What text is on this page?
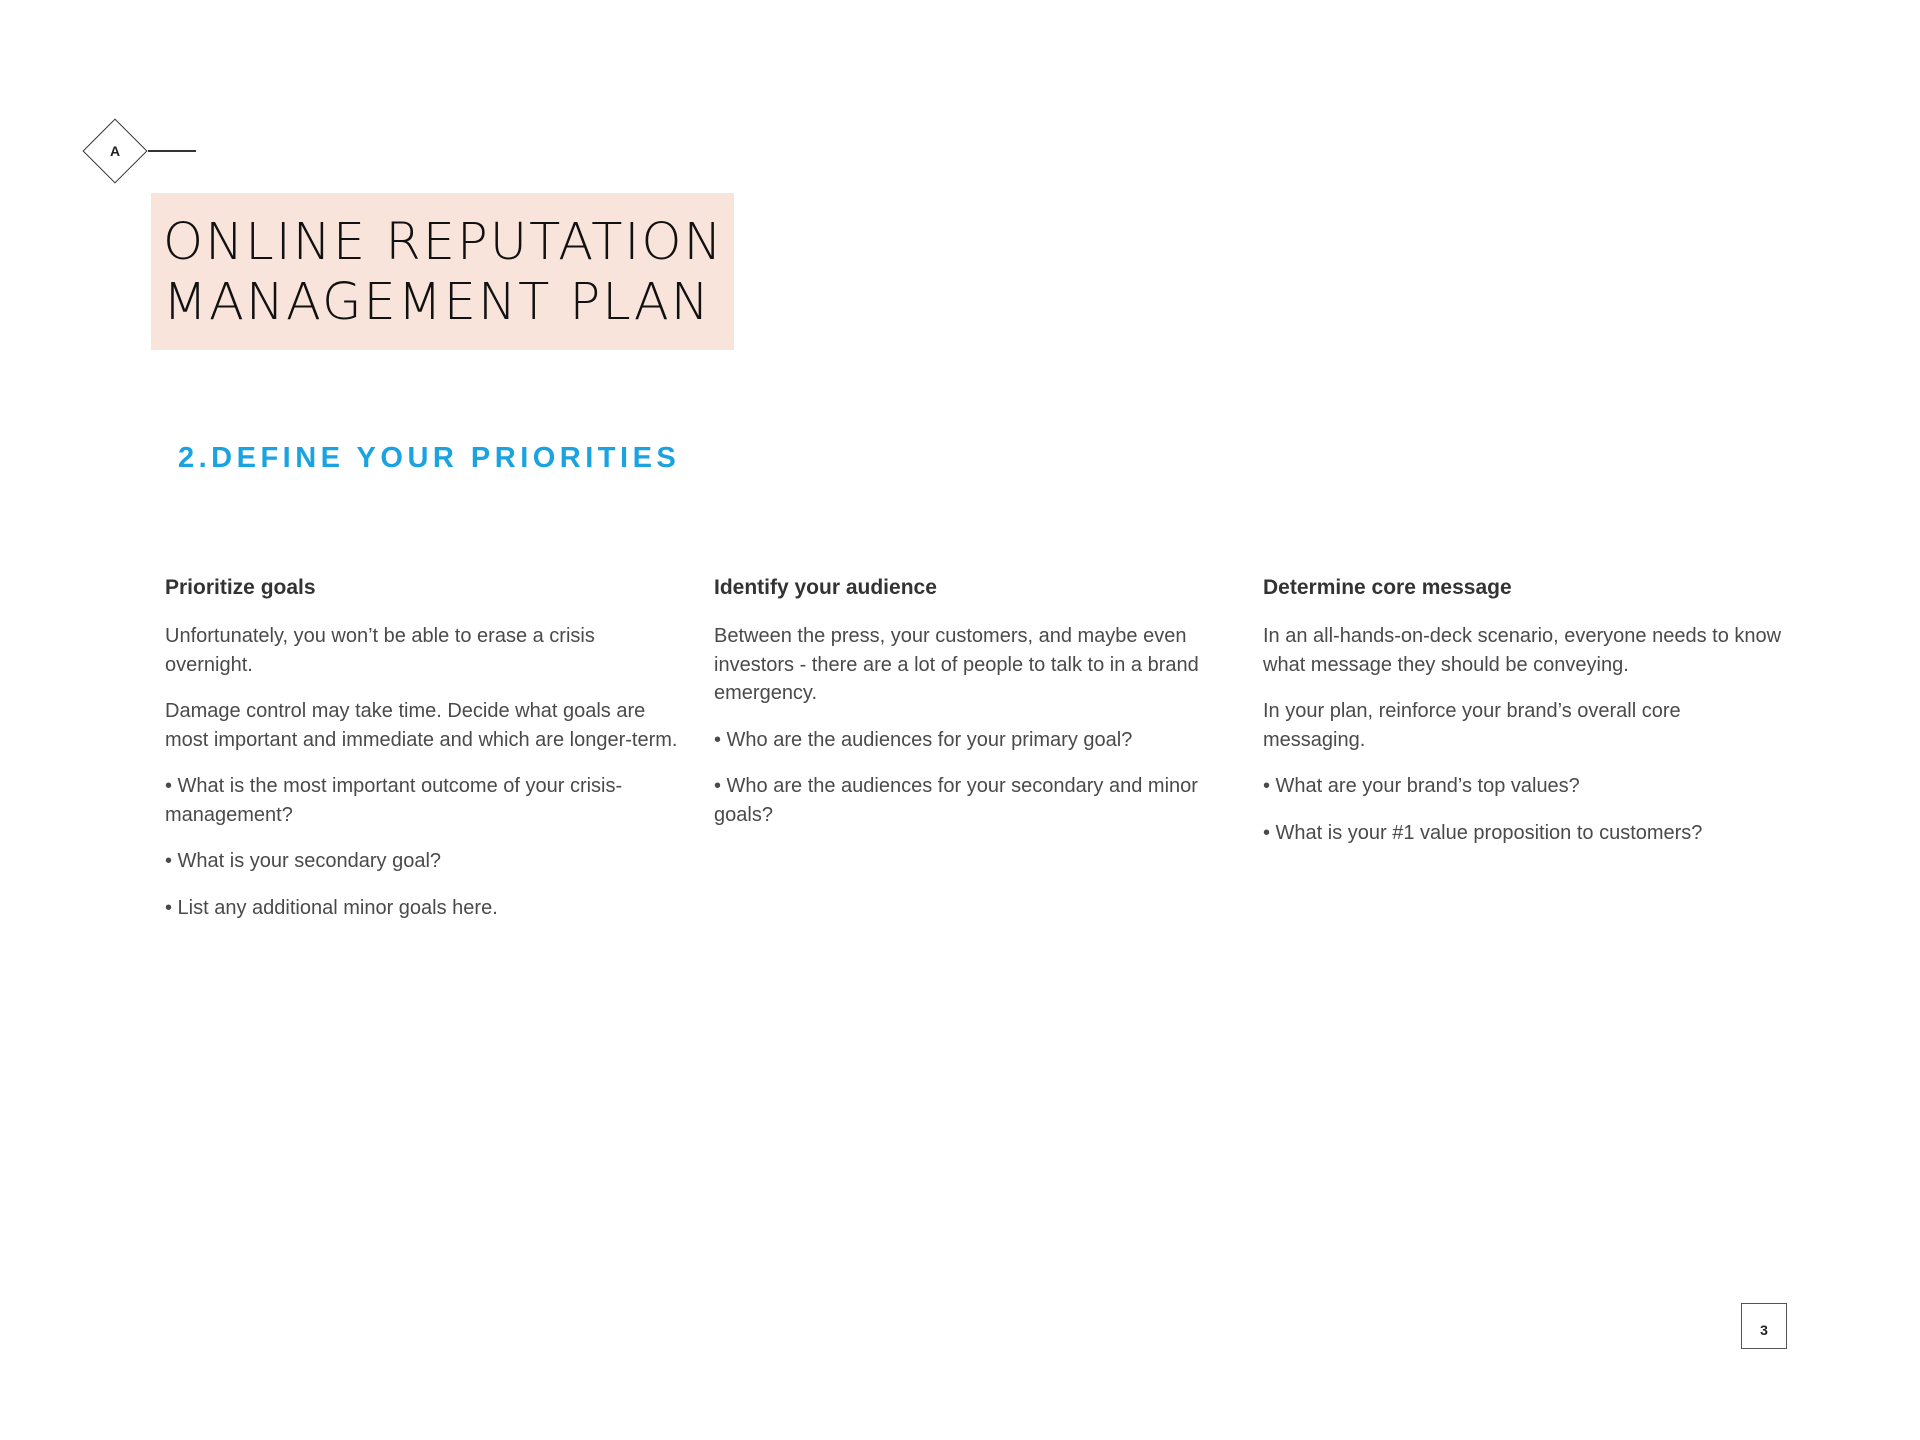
A
ONLINE REPUTATION
MANAGEMENT PLAN
2.DEFINE YOUR PRIORITIES
Prioritize goals

Unfortunately, you won’t be able to erase a crisis overnight.

Damage control may take time. Decide what goals are most important and immediate and which are longer-term.

• What is the most important outcome of your crisis-management?

• What is your secondary goal?

• List any additional minor goals here.

Identify your audience

Between the press, your customers, and maybe even investors - there are a lot of people to talk to in a brand emergency.

• Who are the audiences for your primary goal?

• Who are the audiences for your secondary and minor goals?

Determine core message

In an all-hands-on-deck scenario, everyone needs to know what message they should be conveying.

In your plan, reinforce your brand’s overall core messaging.

• What are your brand’s top values?

• What is your #1 value proposition to customers?

3
